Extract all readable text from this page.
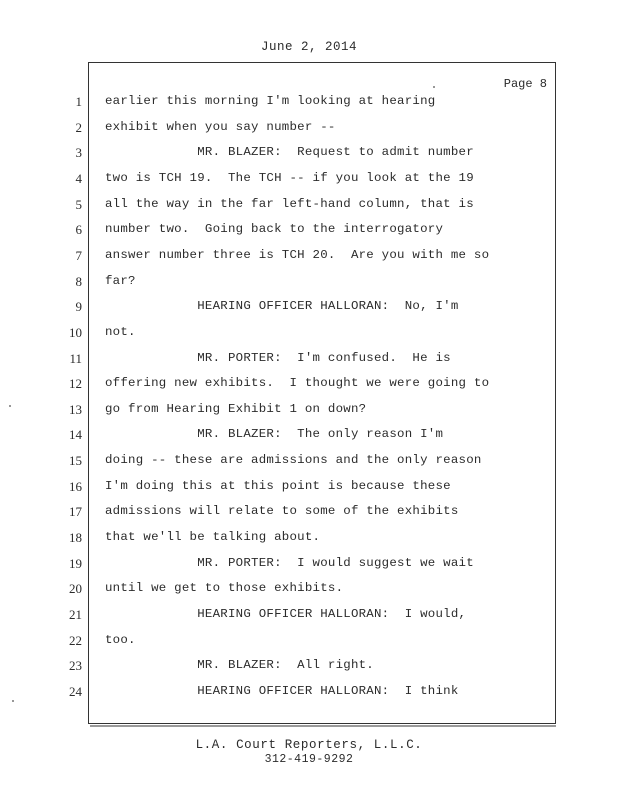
June 2, 2014
Page 8
1 earlier this morning I'm looking at hearing
2 exhibit when you say number --
3 MR. BLAZER:  Request to admit number
4 two is TCH 19.  The TCH -- if you look at the 19
5 all the way in the far left-hand column, that is
6 number two.  Going back to the interrogatory
7 answer number three is TCH 20.  Are you with me so
8 far?
9 HEARING OFFICER HALLORAN:  No, I'm
10 not.
11 MR. PORTER:  I'm confused.  He is
12 offering new exhibits.  I thought we were going to
13 go from Hearing Exhibit 1 on down?
14 MR. BLAZER:  The only reason I'm
15 doing -- these are admissions and the only reason
16 I'm doing this at this point is because these
17 admissions will relate to some of the exhibits
18 that we'll be talking about.
19 MR. PORTER:  I would suggest we wait
20 until we get to those exhibits.
21 HEARING OFFICER HALLORAN:  I would,
22 too.
23 MR. BLAZER:  All right.
24 HEARING OFFICER HALLORAN:  I think
L.A. Court Reporters, L.L.C.
312-419-9292
